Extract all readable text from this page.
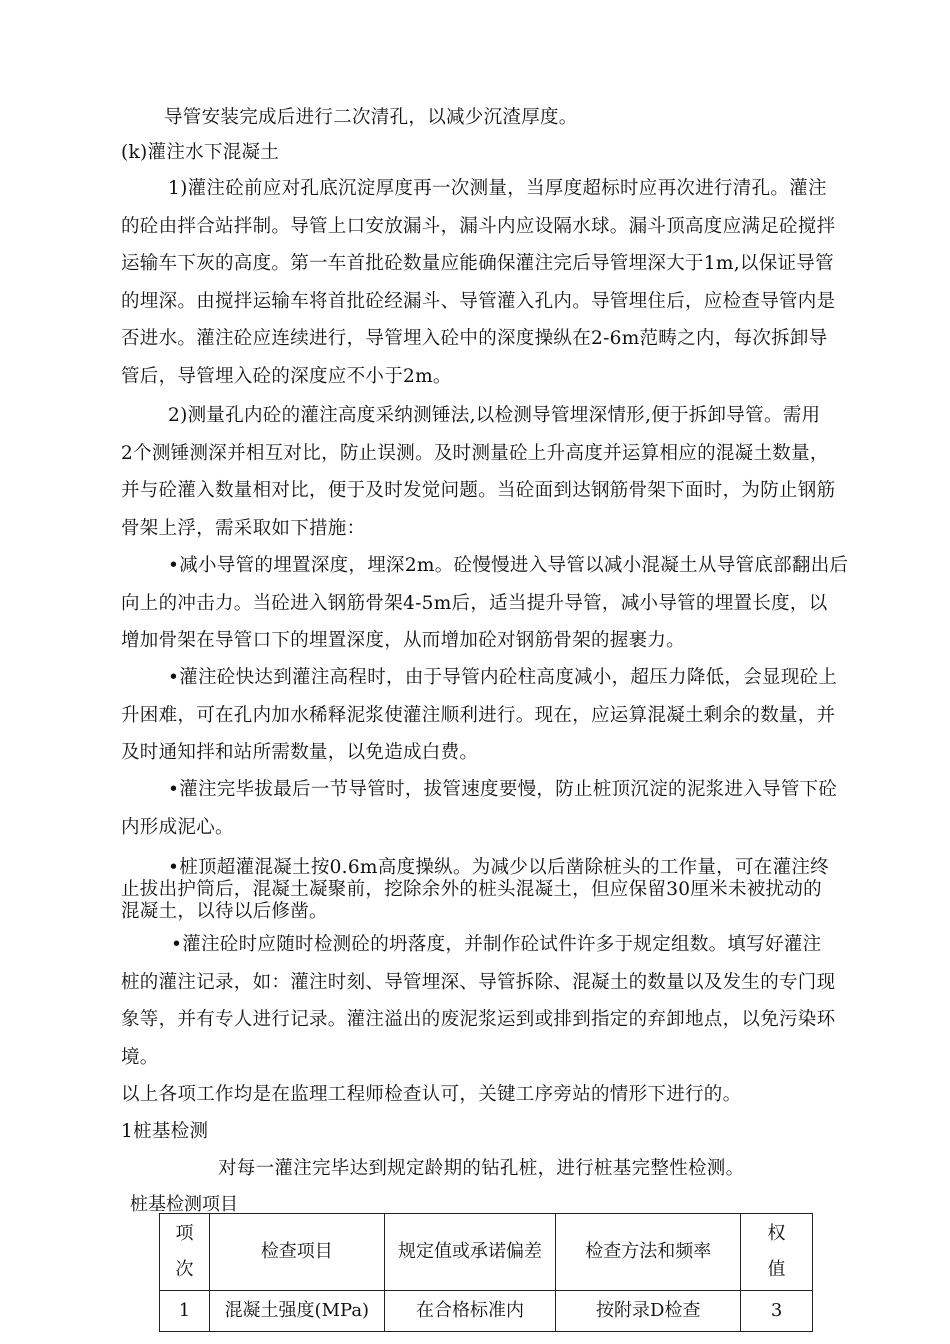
导管安装完成后进行二次清孔，以减少沉渣厚度。
(k)灌注水下混凝土
1)灌注砼前应对孔底沉淀厚度再一次测量，当厚度超标时应再次进行清孔。灌注
的砼由拌合站拌制。导管上口安放漏斗，漏斗内应设隔水球。漏斗顶高度应满足砼搅拌
运输车下灰的高度。第一车首批砼数量应能确保灌注完后导管埋深大于1m,以保证导管
的埋深。由搅拌运输车将首批砼经漏斗、导管灌入孔内。导管埋住后，应检查导管内是
否进水。灌注砼应连续进行，导管埋入砼中的深度操纵在2-6m范畴之内，每次拆卸导
管后，导管埋入砼的深度应不小于2m。
2)测量孔内砼的灌注高度采纳测锤法,以检测导管埋深情形,便于拆卸导管。需用
2个测锤测深并相互对比，防止误测。及时测量砼上升高度并运算相应的混凝土数量，
并与砼灌入数量相对比，便于及时发觉问题。当砼面到达钢筋骨架下面时，为防止钢筋
骨架上浮，需采取如下措施：
•减小导管的埋置深度，埋深2m。砼慢慢进入导管以减小混凝土从导管底部翻出后
向上的冲击力。当砼进入钢筋骨架4-5m后，适当提升导管，减小导管的埋置长度，以
增加骨架在导管口下的埋置深度，从而增加砼对钢筋骨架的握裹力。
•灌注砼快达到灌注高程时，由于导管内砼柱高度减小，超压力降低，会显现砼上
升困难，可在孔内加水稀释泥浆使灌注顺利进行。现在，应运算混凝土剩余的数量，并
及时通知拌和站所需数量，以免造成白费。
•灌注完毕拔最后一节导管时，拔管速度要慢，防止桩顶沉淀的泥浆进入导管下砼
内形成泥心。
•桩顶超灌混凝土按0.6m高度操纵。为减少以后凿除桩头的工作量，可在灌注终
止拔出护筒后，混凝土凝聚前，挖除余外的桩头混凝土，但应保留30厘米未被扰动的
混凝土，以待以后修凿。
•灌注砼时应随时检测砼的坍落度，并制作砼试件许多于规定组数。填写好灌注
桩的灌注记录，如：灌注时刻、导管埋深、导管拆除、混凝土的数量以及发生的专门现
象等，并有专人进行记录。灌注溢出的废泥浆运到或排到指定的弃卸地点，以免污染环
境。
以上各项工作均是在监理工程师检查认可，关键工序旁站的情形下进行的。
1桩基检测
对每一灌注完毕达到规定龄期的钻孔桩，进行桩基完整性检测。
桩基检测项目
项
次	检查项目	规定值或承诺偏差	检查方法和频率	权
值

1	混凝土强度(MPa)	在合格标准内	按附录D检查	3
